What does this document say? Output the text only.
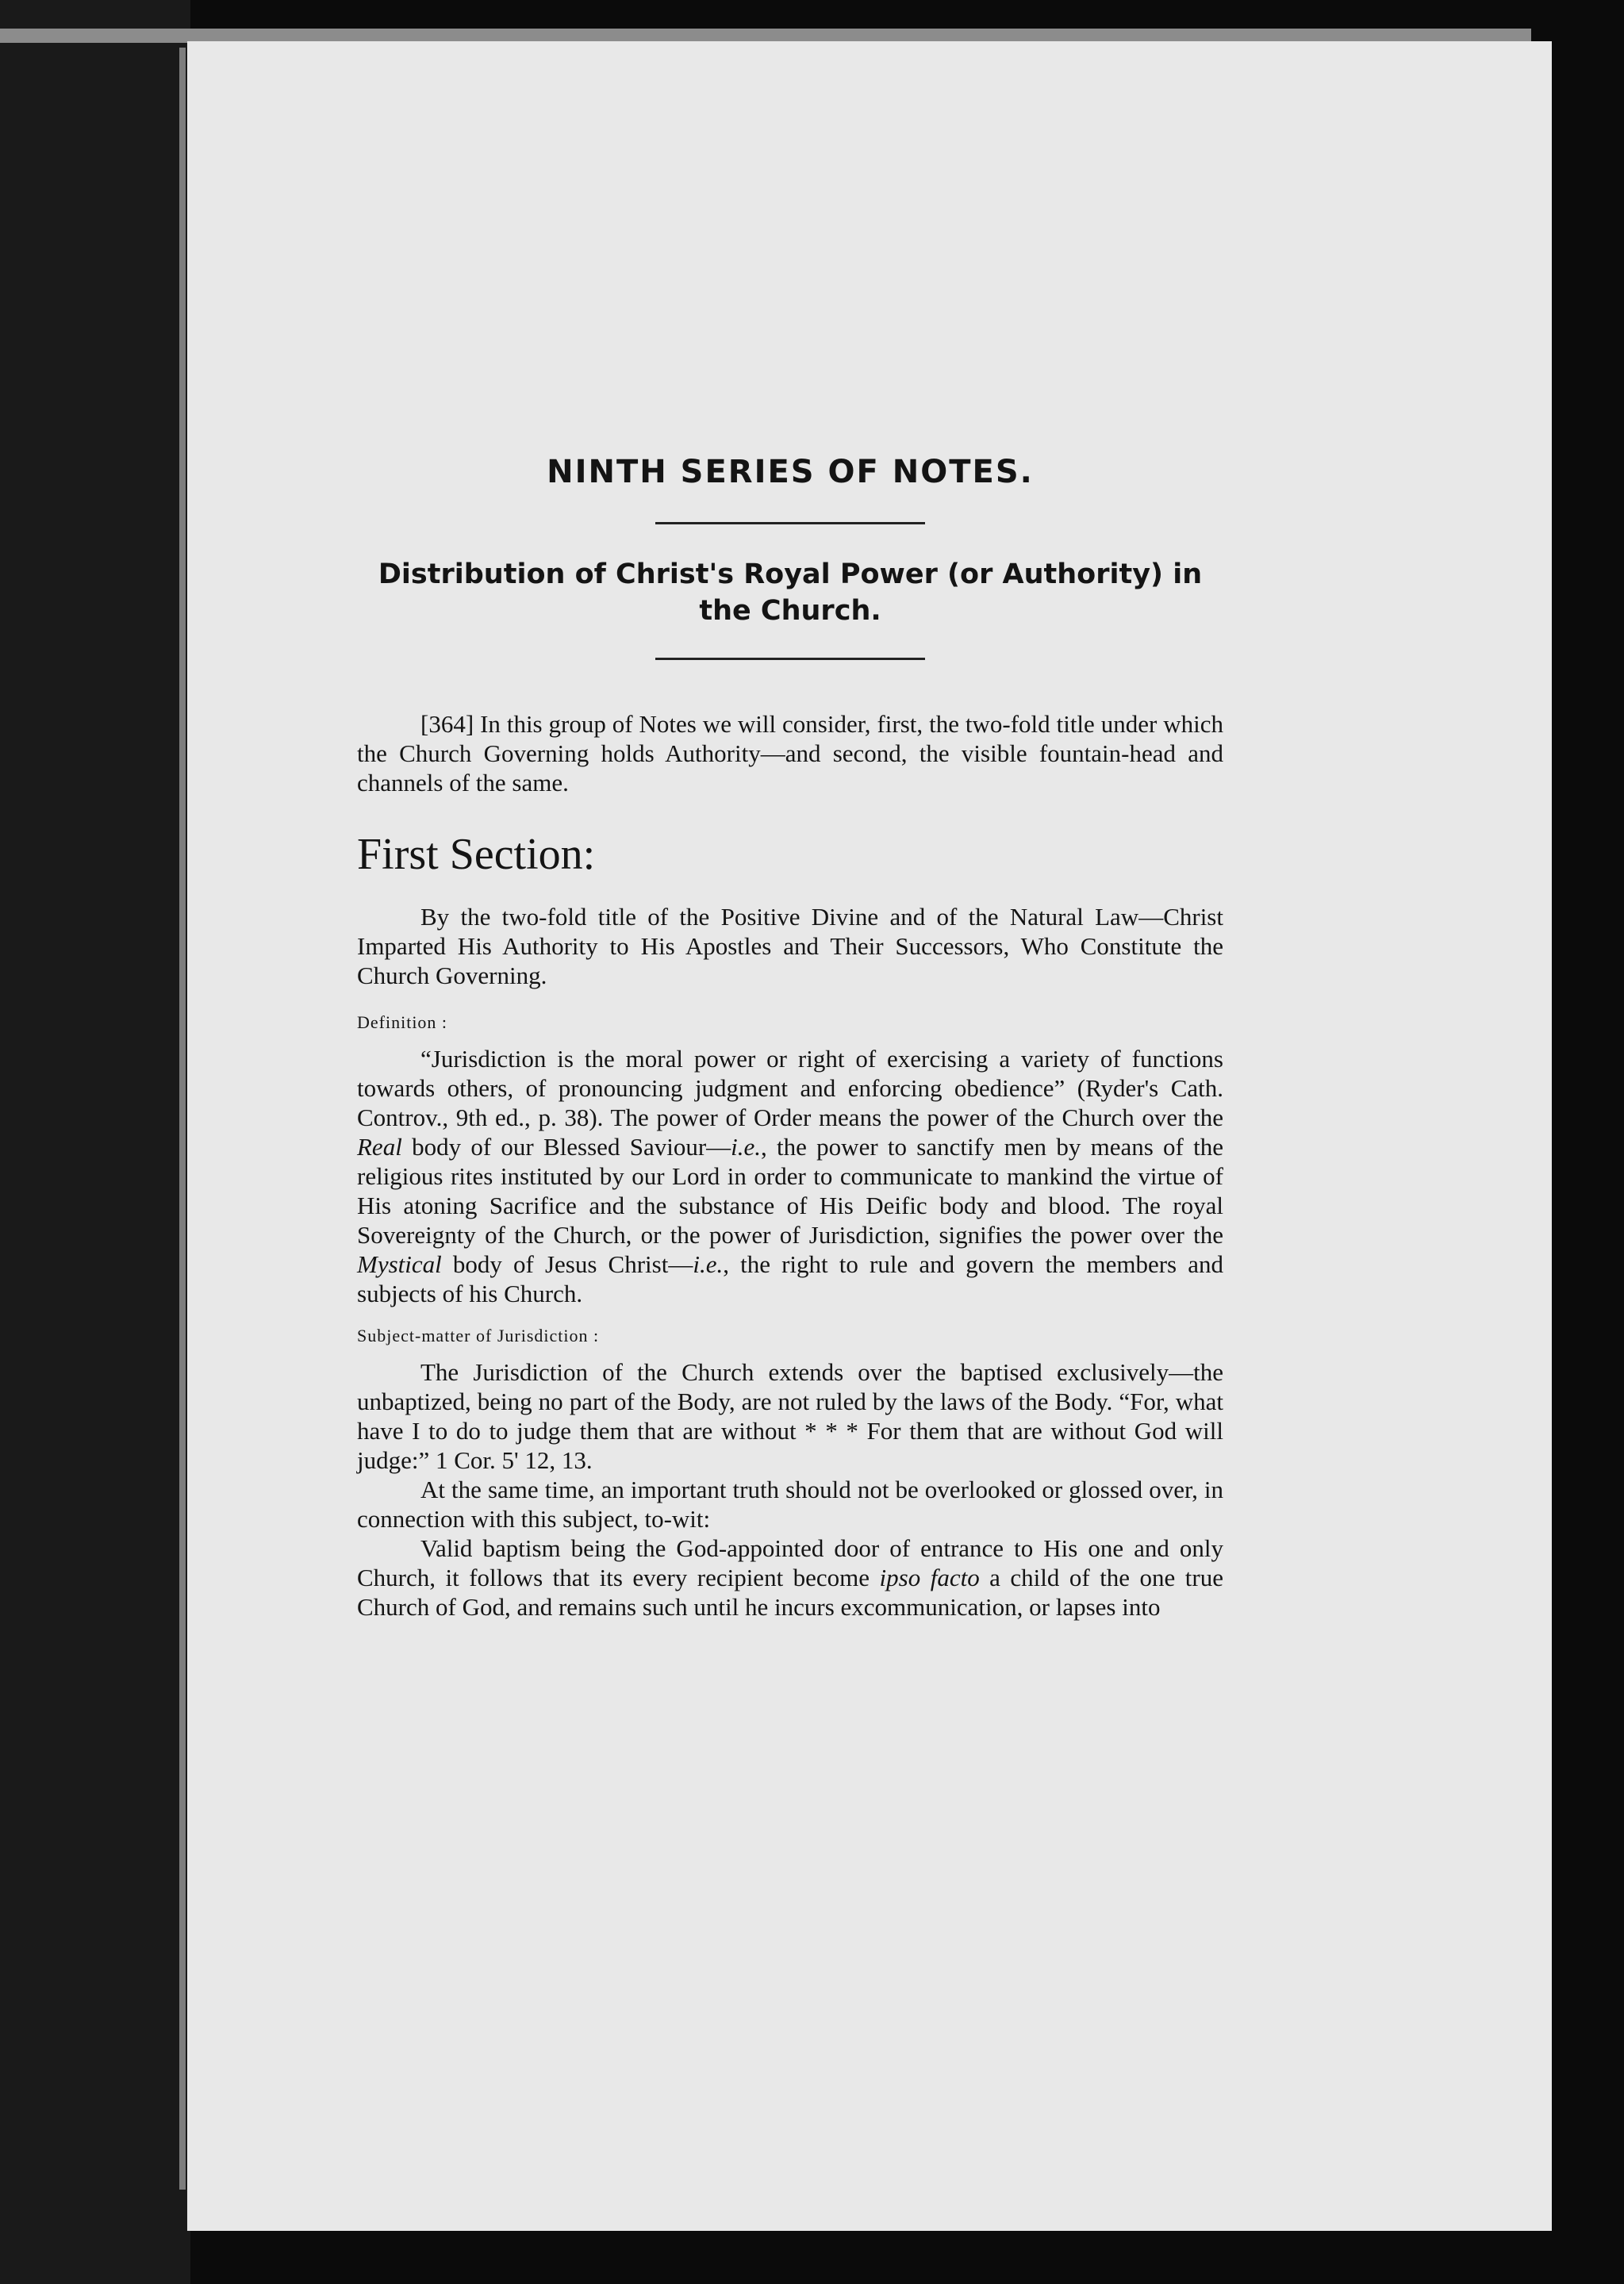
NINTH SERIES OF NOTES.

Distribution of Christ's Royal Power (or Authority) in
the Church.

[364] In this group of Notes we will consider, first, the two-fold title under which the Church Governing holds Authority—and second, the visible fountain-head and channels of the same.

First Section:

By the two-fold title of the Positive Divine and of the Natural Law—Christ Imparted His Authority to His Apostles and Their Successors, Who Constitute the Church Governing.

Definition :

“Jurisdiction is the moral power or right of exercising a variety of functions towards others, of pronouncing judgment and enforcing obedience” (Ryder's Cath. Controv., 9th ed., p. 38). The power of Order means the power of the Church over the Real body of our Blessed Saviour—i.e., the power to sanctify men by means of the religious rites instituted by our Lord in order to communicate to mankind the virtue of His atoning Sacrifice and the substance of His Deific body and blood. The royal Sovereignty of the Church, or the power of Jurisdiction, signifies the power over the Mystical body of Jesus Christ—i.e., the right to rule and govern the members and subjects of his Church.

Subject-matter of Jurisdiction :

The Jurisdiction of the Church extends over the baptised exclusively—the unbaptized, being no part of the Body, are not ruled by the laws of the Body. “For, what have I to do to judge them that are without * * * For them that are without God will judge:” 1 Cor. 5' 12, 13.

At the same time, an important truth should not be overlooked or glossed over, in connection with this subject, to-wit:

Valid baptism being the God-appointed door of entrance to His one and only Church, it follows that its every recipient become ipso facto a child of the one true Church of God, and remains such until he incurs excommunication, or lapses into
